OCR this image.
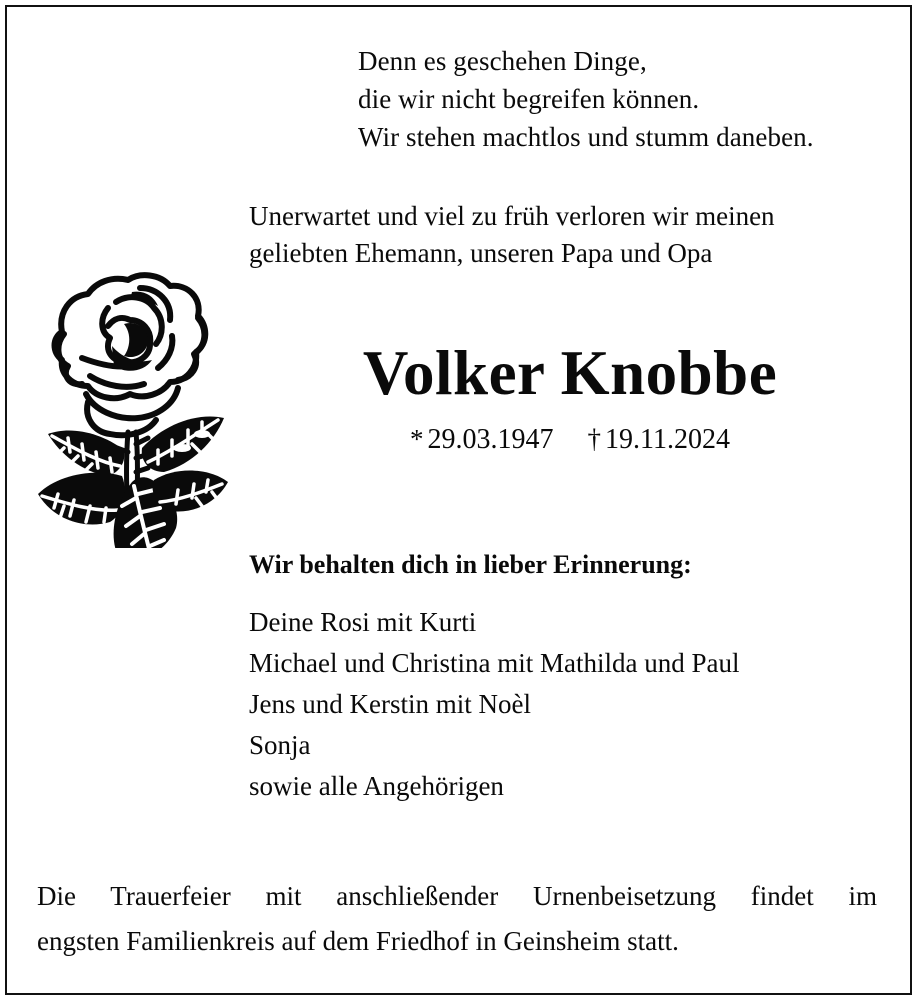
Denn es geschehen Dinge,
die wir nicht begreifen können.
Wir stehen machtlos und stumm daneben.
Unerwartet und viel zu früh verloren wir meinen
geliebten Ehemann, unseren Papa und Opa
Volker Knobbe
* 29.03.1947 † 19.11.2024
Wir behalten dich in lieber Erinnerung:
Deine Rosi mit Kurti
Michael und Christina mit Mathilda und Paul
Jens und Kerstin mit Noèl
Sonja
sowie alle Angehörigen
Die Trauerfeier mit anschließender Urnenbeisetzung findet im
engsten Familienkreis auf dem Friedhof in Geinsheim statt.
